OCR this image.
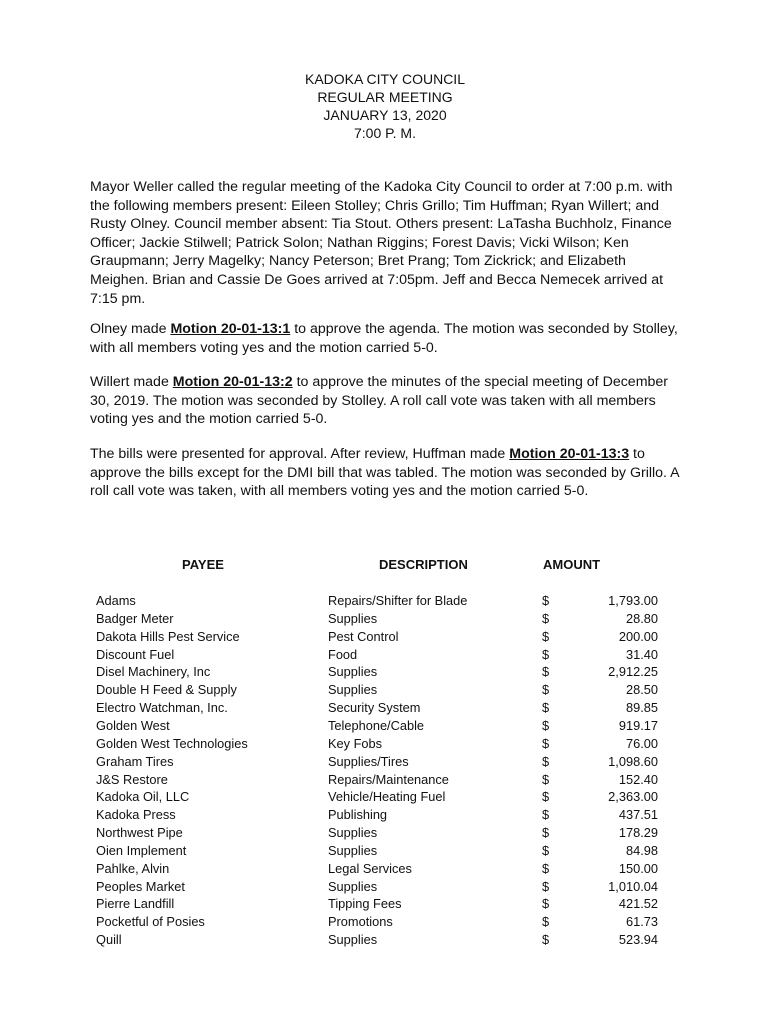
KADOKA CITY COUNCIL
REGULAR MEETING
JANUARY 13, 2020
7:00 P. M.

Mayor Weller called the regular meeting of the Kadoka City Council to order at 7:00 p.m. with the following members present: Eileen Stolley; Chris Grillo; Tim Huffman; Ryan Willert; and Rusty Olney. Council member absent: Tia Stout. Others present: LaTasha Buchholz, Finance Officer; Jackie Stilwell; Patrick Solon; Nathan Riggins; Forest Davis; Vicki Wilson; Ken Graupmann; Jerry Magelky; Nancy Peterson; Bret Prang; Tom Zickrick; and Elizabeth Meighen. Brian and Cassie De Goes arrived at 7:05pm. Jeff and Becca Nemecek arrived at 7:15 pm.

Olney made Motion 20-01-13:1 to approve the agenda. The motion was seconded by Stolley, with all members voting yes and the motion carried 5-0.

Willert made Motion 20-01-13:2 to approve the minutes of the special meeting of December 30, 2019. The motion was seconded by Stolley. A roll call vote was taken with all members voting yes and the motion carried 5-0.

The bills were presented for approval. After review, Huffman made Motion 20-01-13:3 to approve the bills except for the DMI bill that was tabled. The motion was seconded by Grillo. A roll call vote was taken, with all members voting yes and the motion carried 5-0.

PAYEE	DESCRIPTION	AMOUNT
Adams	Repairs/Shifter for Blade	$	1,793.00
Badger Meter	Supplies	$	28.80
Dakota Hills Pest Service	Pest Control	$	200.00
Discount Fuel	Food	$	31.40
Disel Machinery, Inc	Supplies	$	2,912.25
Double H Feed & Supply	Supplies	$	28.50
Electro Watchman, Inc.	Security System	$	89.85
Golden West	Telephone/Cable	$	919.17
Golden West Technologies	Key Fobs	$	76.00
Graham Tires	Supplies/Tires	$	1,098.60
J&S Restore	Repairs/Maintenance	$	152.40
Kadoka Oil, LLC	Vehicle/Heating Fuel	$	2,363.00
Kadoka Press	Publishing	$	437.51
Northwest Pipe	Supplies	$	178.29
Oien Implement	Supplies	$	84.98
Pahlke, Alvin	Legal Services	$	150.00
Peoples Market	Supplies	$	1,010.04
Pierre Landfill	Tipping Fees	$	421.52
Pocketful of Posies	Promotions	$	61.73
Quill	Supplies	$	523.94
